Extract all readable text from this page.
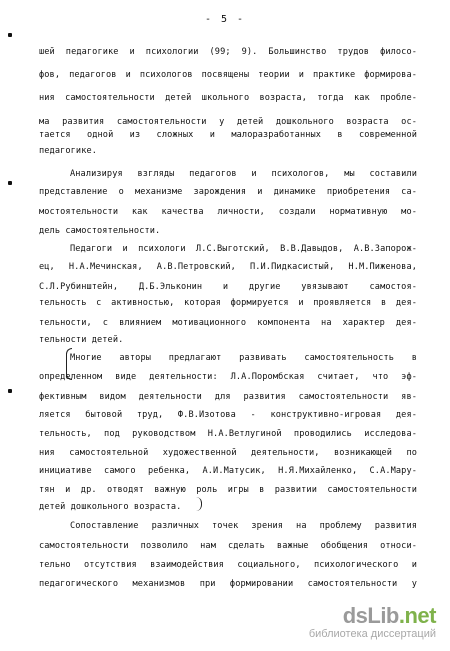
- 5 -
шей педагогике и психологии (99; 9). Большинство трудов филосо-
фов, педагогов и психологов посвящены теории и практике формирова-
ния самостоятельности детей школьного возраста, тогда как пробле-
ма развития самостоятельности у детей дошкольного возраста ос-
тается одной из сложных и малоразработанных в современной
педагогике.
Анализируя взгляды педагогов и психологов, мы составили
представление о механизме зарождения и динамике приобретения са-
мостоятельности как качества личности, создали нормативную мо-
дель самостоятельности.
Педагоги и психологи Л.С.Выготский, В.В.Давыдов, А.В.Запорож-
ец, Н.А.Мечинская, А.В.Петровский, П.И.Пидкасистый, Н.М.Пиженова,
С.Л.Рубинштейн, Д.Б.Эльконин и другие увязывают самостоя-
тельность с активностью, которая формируется и проявляется в дея-
тельности, с влиянием мотивационного компонента на характер дея-
тельности детей.
Многие авторы предлагают развивать самостоятельность в
определенном виде деятельности: Л.А.Поромбская считает, что эф-
фективным видом деятельности для развития самостоятельности яв-
ляется бытовой труд, Ф.В.Изотова - конструктивно-игровая дея-
тельность, под руководством Н.А.Ветлугиной проводились исследова-
ния самостоятельной художественной деятельности, возникающей по
инициативе самого ребенка, А.И.Матусик, Н.Я.Михайленко, С.А.Мару-
тян и др. отводят важную роль игры в развитии самостоятельности
детей дошкольного возраста.
Сопоставление различных точек зрения на проблему развития
самостоятельности позволило нам сделать важные обобщения относи-
тельно отсутствия взаимодействия социального, психологического и
педагогического механизмов при формировании самостоятельности у
dsLib.net
библиотека диссертаций
